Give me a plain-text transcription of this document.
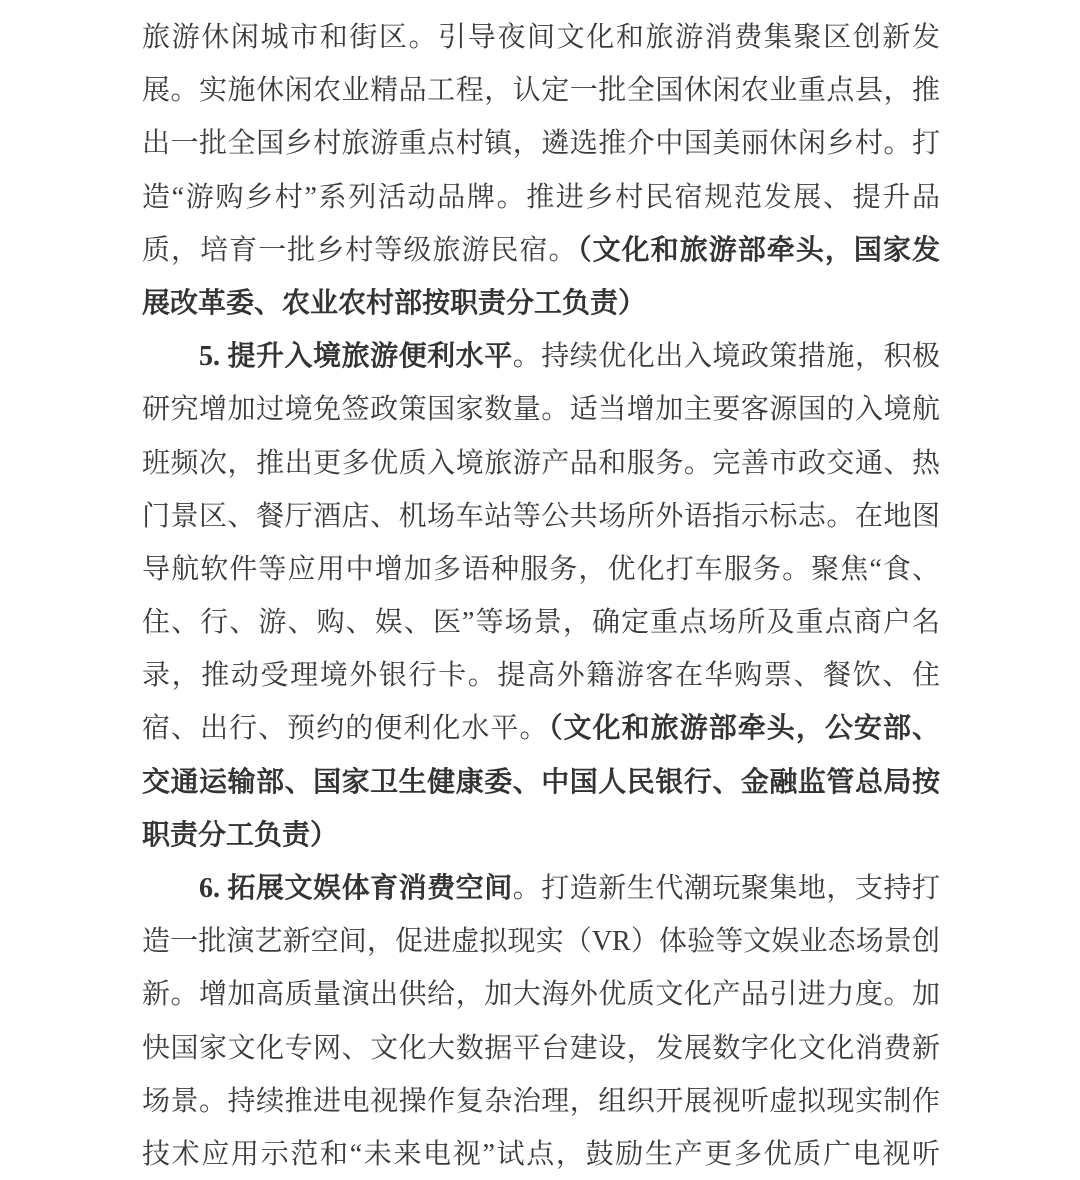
旅游休闲城市和街区。引导夜间文化和旅游消费集聚区创新发
展。实施休闲农业精品工程，认定一批全国休闲农业重点县，推
出一批全国乡村旅游重点村镇，遴选推介中国美丽休闲乡村。打
造“游购乡村”系列活动品牌。推进乡村民宿规范发展、提升品
质，培育一批乡村等级旅游民宿。（文化和旅游部牵头，国家发
展改革委、农业农村部按职责分工负责）
5. 提升入境旅游便利水平。持续优化出入境政策措施，积极
研究增加过境免签政策国家数量。适当增加主要客源国的入境航
班频次，推出更多优质入境旅游产品和服务。完善市政交通、热
门景区、餐厅酒店、机场车站等公共场所外语指示标志。在地图
导航软件等应用中增加多语种服务，优化打车服务。聚焦“食、
住、行、游、购、娱、医”等场景，确定重点场所及重点商户名
录，推动受理境外银行卡。提高外籍游客在华购票、餐饮、住
宿、出行、预约的便利化水平。（文化和旅游部牵头，公安部、
交通运输部、国家卫生健康委、中国人民银行、金融监管总局按
职责分工负责）
6. 拓展文娱体育消费空间。打造新生代潮玩聚集地，支持打
造一批演艺新空间，促进虚拟现实（VR）体验等文娱业态场景创
新。增加高质量演出供给，加大海外优质文化产品引进力度。加
快国家文化专网、文化大数据平台建设，发展数字化文化消费新
场景。持续推进电视操作复杂治理，组织开展视听虚拟现实制作
技术应用示范和“未来电视”试点，鼓励生产更多优质广电视听
